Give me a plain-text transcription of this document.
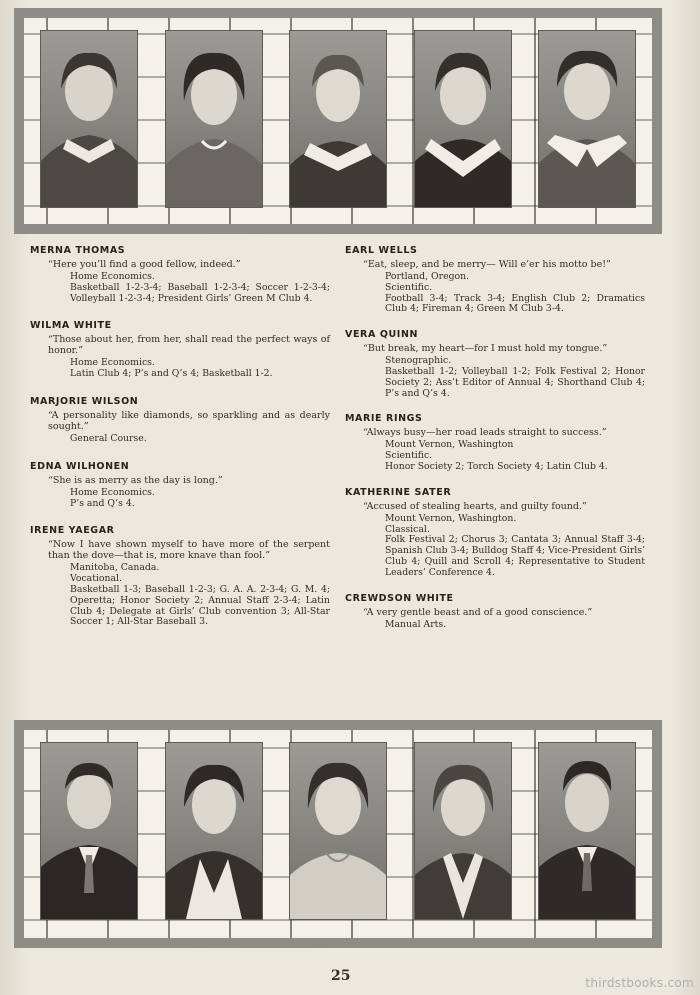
MERNA THOMAS
“Here you’ll find a good fellow, indeed.”
Home Economics.
Basketball 1-2-3-4; Baseball 1-2-3-4; Soccer 1-2-3-4; Volleyball 1-2-3-4; President Girls’ Green M Club 4.
WILMA WHITE
“Those about her, from her, shall read the perfect ways of honor.”
Home Economics.
Latin Club 4; P’s and Q’s 4; Basketball 1-2.
MARJORIE WILSON
“A personality like diamonds, so sparkling and as dearly sought.”
General Course.
EDNA WILHONEN
“She is as merry as the day is long.”
Home Economics.
P’s and Q’s 4.
IRENE YAEGAR
“Now I have shown myself to have more of the serpent than the dove—that is, more knave than fool.”
Manitoba, Canada.
Vocational.
Basketball 1-3; Baseball 1-2-3; G. A. A. 2-3-4; G. M. 4; Operetta; Honor Society 2; Annual Staff 2-3-4; Latin Club 4; Delegate at Girls’ Club convention 3; All-Star Soccer 1; All-Star Baseball 3.
EARL WELLS
“Eat, sleep, and be merry— Will e’er his motto be!”
Portland, Oregon.
Scientific.
Football 3-4; Track 3-4; English Club 2; Dramatics Club 4; Fireman 4; Green M Club 3-4.
VERA QUINN
“But break, my heart—for I must hold my tongue.”
Stenographic.
Basketball 1-2; Volleyball 1-2; Folk Festival 2; Honor Society 2; Ass’t Editor of Annual 4; Shorthand Club 4; P’s and Q’s 4.
MARIE RINGS
“Always busy—her road leads straight to success.”
Mount Vernon, Washington
Scientific.
Honor Society 2; Torch Society 4; Latin Club 4.
KATHERINE SATER
“Accused of stealing hearts, and guilty found.”
Mount Vernon, Washington.
Classical.
Folk Festival 2; Chorus 3; Cantata 3; Annual Staff 3-4; Spanish Club 3-4; Bulldog Staff 4; Vice-President Girls’ Club 4; Quill and Scroll 4; Representative to Student Leaders’ Conference 4.
CREWDSON WHITE
“A very gentle beast and of a good conscience.”
Manual Arts.
25	thirdstbooks.com
